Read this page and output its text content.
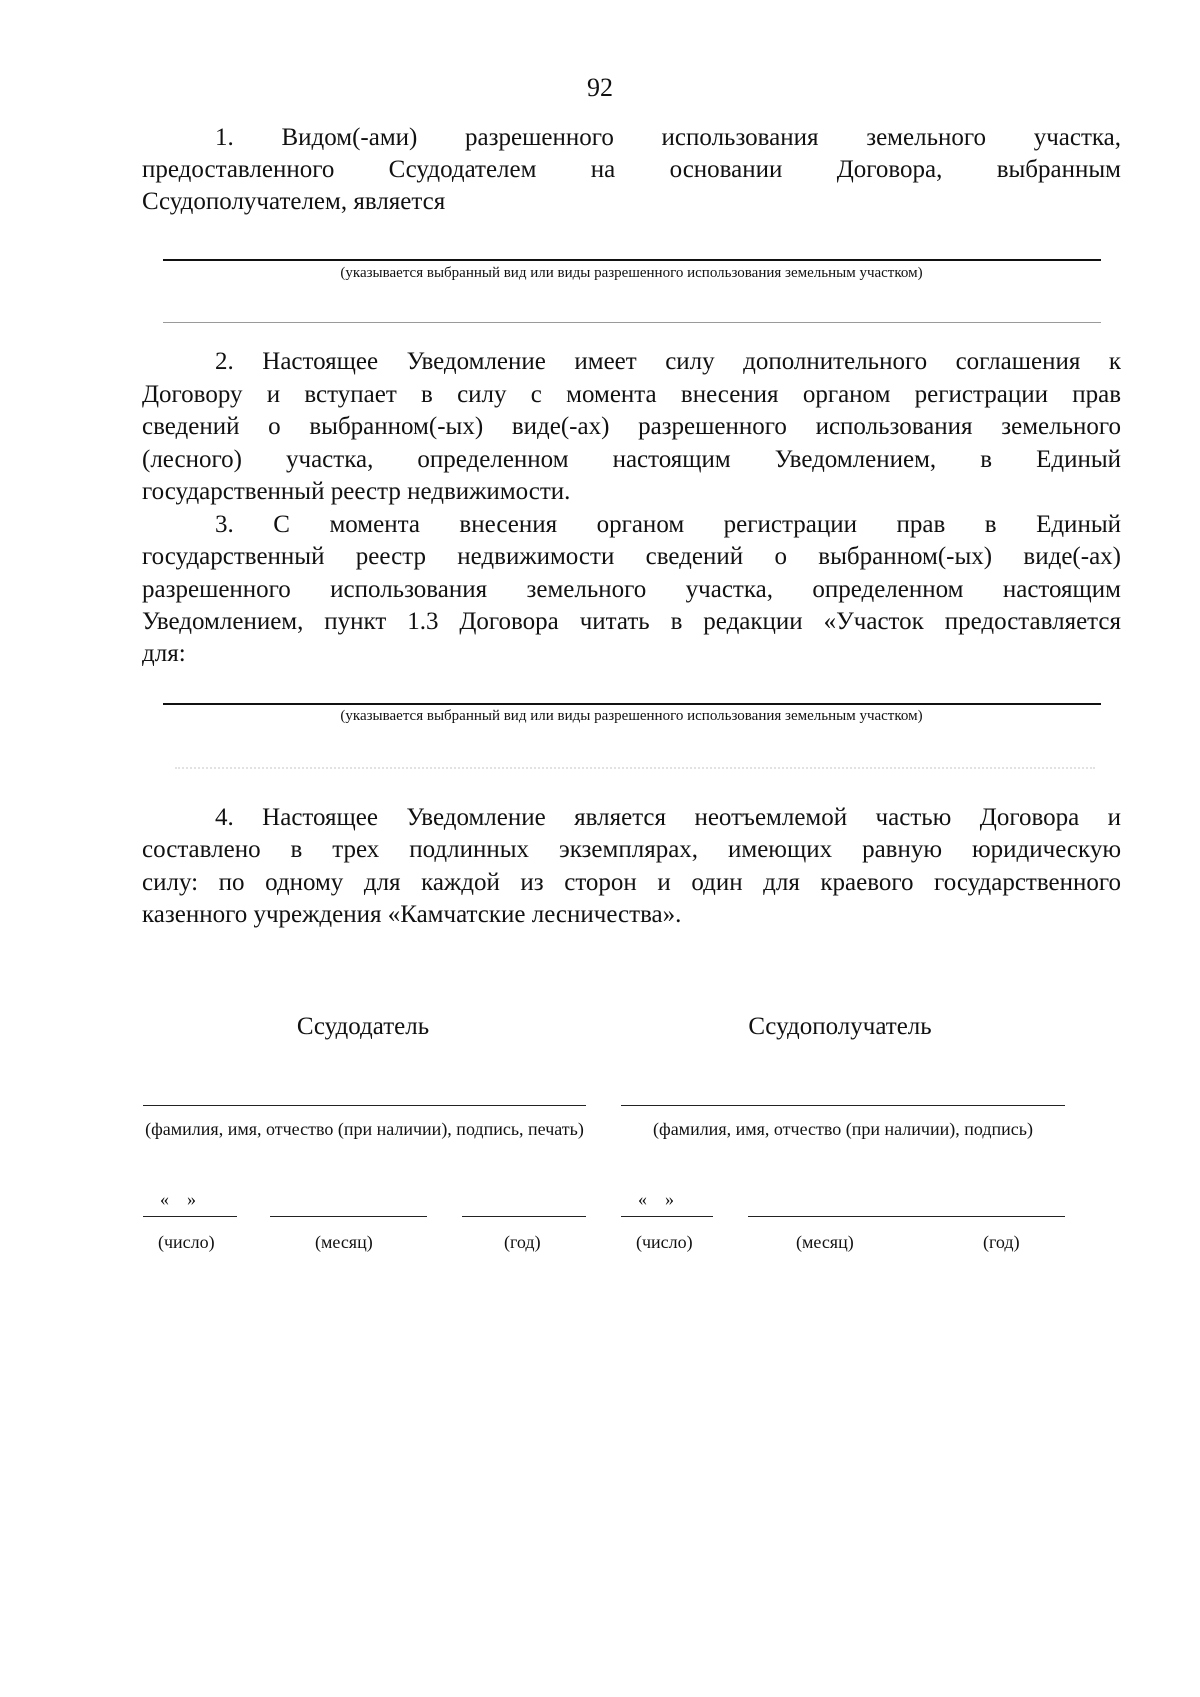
92

1. Видом(-ами) разрешенного использования земельного участка,

предоставленного Ссудодателем на основании Договора, выбранным

Ссудополучателем, является

(указывается выбранный вид или виды разрешенного использования земельным участком)

2. Настоящее Уведомление имеет силу дополнительного соглашения к

Договору и вступает в силу с момента внесения органом регистрации прав

сведений о выбранном(-ых) виде(-ах) разрешенного использования земельного

(лесного) участка, определенном настоящим Уведомлением, в Единый

государственный реестр недвижимости.

3. С момента внесения органом регистрации прав в Единый

государственный реестр недвижимости сведений о выбранном(-ых) виде(-ах)

разрешенного использования земельного участка, определенном настоящим

Уведомлением, пункт 1.3 Договора читать в редакции «Участок предоставляется

для:

(указывается выбранный вид или виды разрешенного использования земельным участком)

4. Настоящее Уведомление является неотъемлемой частью Договора и

составлено в трех подлинных экземплярах, имеющих равную юридическую

силу: по одному для каждой из сторон и один для краевого государственного

казенного учреждения «Камчатские лесничества».

Ссудодатель
(фамилия, имя, отчество (при наличии), подпись, печать)
«    »
(число)	(месяц)	(год)
Ссудополучатель
(фамилия, имя, отчество (при наличии), подпись)
«    »
(число)	(месяц)	(год)
